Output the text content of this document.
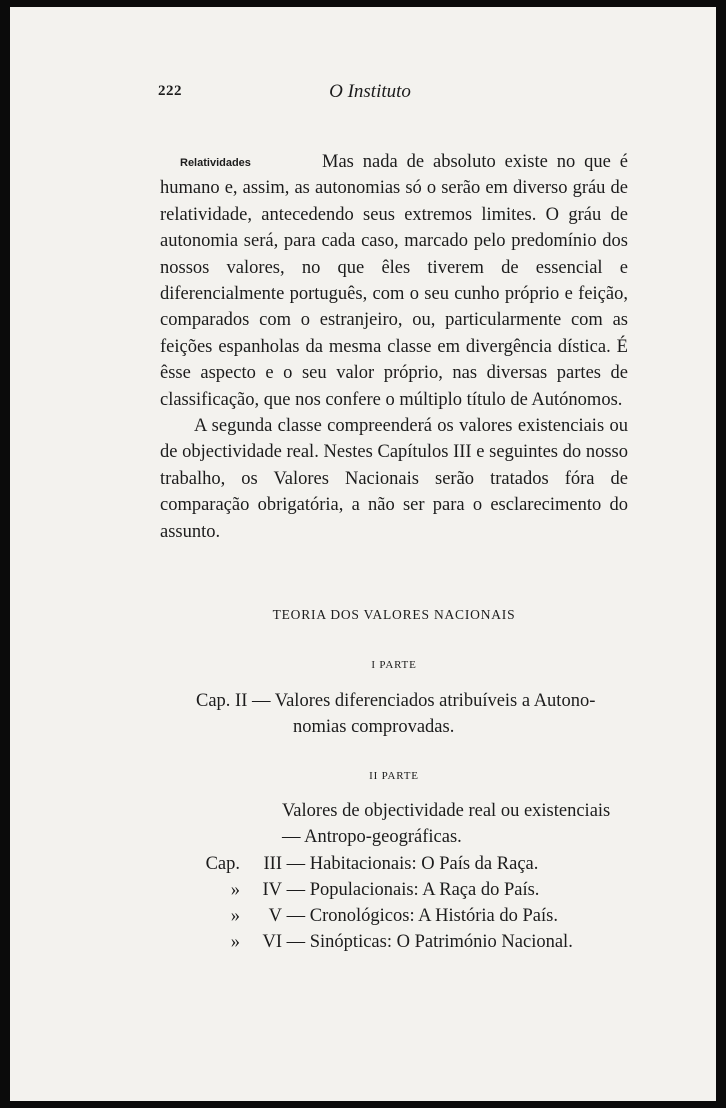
222	O Instituto
Relatividades	Mas nada de absoluto existe no que é humano e, assim, as autonomias só o serão em diverso gráu de relatividade, antecedendo seus extremos limites. O gráu de autonomia será, para cada caso, marcado pelo predomínio dos nossos valores, no que êles tiverem de essencial e diferencialmente português, com o seu cunho próprio e feição, comparados com o estranjeiro, ou, particularmente com as feições espanholas da mesma classe em divergência dística. É êsse aspecto e o seu valor próprio, nas diversas partes de classificação, que nos confere o múltiplo título de Autónomos.

A segunda classe compreenderá os valores existenciais ou de objectividade real. Nestes Capítulos III e seguintes do nosso trabalho, os Valores Nacionais serão tratados fóra de comparação obrigatória, a não ser para o esclarecimento do assunto.

TEORIA DOS VALORES NACIONAIS
I PARTE
Cap. II — Valores diferenciados atribuíveis a Autono-
nomias comprovadas.
II PARTE
Valores de objectividade real ou existenciais
— Antropo-geográficas.
Cap. III — Habitacionais: O País da Raça.
» IV — Populacionais: A Raça do País.
» V — Cronológicos: A História do País.
» VI — Sinópticas: O Património Nacional.
